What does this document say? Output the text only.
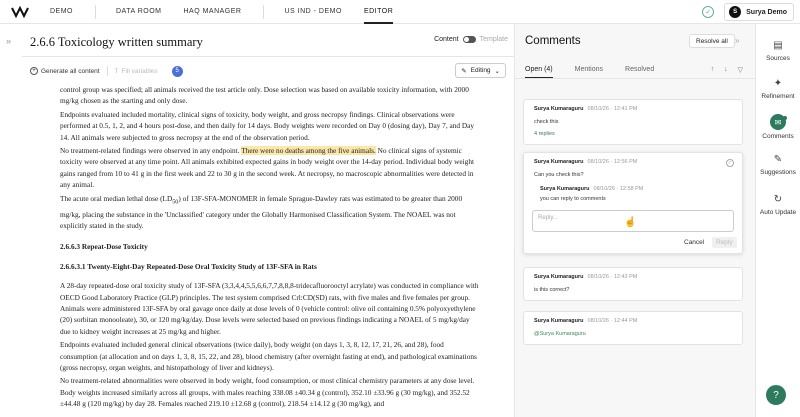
DEMO	DATA ROOM	HAQ MANAGER	US IND - DEMO	EDITOR	✓	S	Surya Demo
» 2.6.6 Toxicology written summary	Content	Template
+ Generate all content T Fill variables	5	✎ Editing ⌄

control group was specified; all animals received the test article only. Dose selection was based on available toxicity information, with 2000 mg/kg chosen as the starting and only dose.

Endpoints evaluated included mortality, clinical signs of toxicity, body weight, and gross necropsy findings. Clinical observations were performed at 0.5, 1, 2, and 4 hours post-dose, and then daily for 14 days. Body weights were recorded on Day 0 (dosing day), Day 7, and Day 14. All animals were subjected to gross necropsy at the end of the observation period.

No treatment-related findings were observed in any endpoint. There were no deaths among the five animals. No clinical signs of systemic toxicity were observed at any time point. All animals exhibited expected gains in body weight over the 14-day period. Individual body weight gains ranged from 10 to 41 g in the first week and 22 to 30 g in the second week. At necropsy, no macroscopic abnormalities were detected in any animal.

The acute oral median lethal dose $(LD_{50})$ of 13F-SFA-MONOMER in female Sprague-Dawley rats was estimated to be greater than 2000 mg/kg, placing the substance in the 'Unclassified' category under the Globally Harmonised Classification System. The NOAEL was not explicitly stated in the study.

2.6.6.3 Repeat-Dose Toxicity
2.6.6.3.1 Twenty-Eight-Day Repeated-Dose Oral Toxicity Study of 13F-SFA in Rats

A 28-day repeated-dose oral toxicity study of 13F-SFA (3,3,4,4,5,5,6,6,7,7,8,8,8-tridecafluorooctyl acrylate) was conducted in compliance with OECD Good Laboratory Practice (GLP) principles. The test system comprised Crl:CD(SD) rats, with five males and five females per group. Animals were administered 13F-SFA by oral gavage once daily at dose levels of 0 (vehicle control: olive oil containing 0.5% polyoxyethylene (20) sorbitan monooleate), 30, or 120 mg/kg/day. Dose levels were selected based on previous findings indicating a NOAEL of 5 mg/kg/day due to kidney weight increases at 25 mg/kg and higher.

Endpoints evaluated included general clinical observations (twice daily), body weight (on days 1, 3, 8, 12, 17, 21, 26, and 28), food consumption (at allocation and on days 1, 3, 8, 15, 22, and 28), blood chemistry (after overnight fasting at end), and pathological examinations (gross necropsy, organ weights, and histopathology of liver and kidneys).

No treatment-related abnormalities were observed in body weight, food consumption, or most clinical chemistry parameters at any dose level. Body weights increased similarly across all groups, with males reaching 338.08 ±40.34 g (control), 352.10 ±33.96 g (30 mg/kg), and 352.52 ±44.48 g (120 mg/kg) by day 28. Females reached 219.10 ±12.68 g (control), 218.54 ±14.12 g (30 mg/kg), and

Comments	Resolve all »
Open (4)	Mentions	Resolved	↑ ↓ ▽
Surya Kumaraguru 08/10/26 · 12:41 PM
check this
4 replies
Surya Kumaraguru 08/10/26 · 12:56 PM	✓
Can you check this?
Surya Kumaraguru 08/10/26 · 12:58 PM
you can reply to comments
Reply...	☝
Cancel	Reply
Surya Kumaraguru 08/10/26 · 12:43 PM
is this correct?
Surya Kumaraguru 08/10/26 · 12:44 PM
@Surya Kumaraguru
▤
Sources
✦
Refinement
✉
Comments
✎
Suggestions
↻
Auto Update
?
